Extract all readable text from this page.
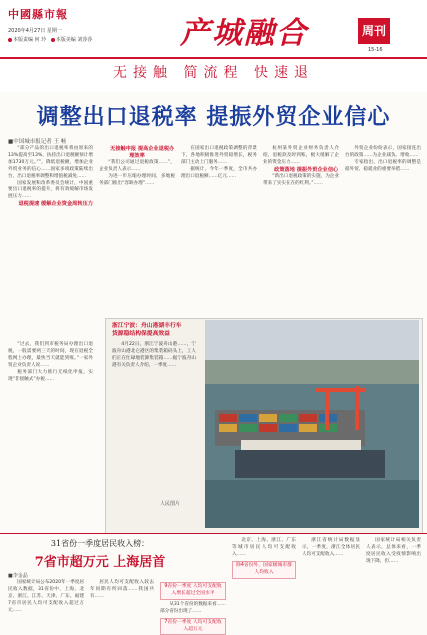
中國縣市報
2020年4月27日 星期一
本版责编 何 玲 本版美编 刘莎莎	产城融合	周刊
15-16
无接触 简流程 快速退
调整出口退税率 提振外贸企业信心
■中国城市报记者 王 畅

“部分产品的出口退税率将由原来的13%提高至13%，扶持出口退税额预计增加1730万元。””，降低退税额，增加企业外贸业务的信心……国家多项政策陆续出台，出口退税率调整和增值税减免……

国家发展和改革委员会统计，中国重要出口退税率的提升，将有效缓解市场发展压力……

退税提速 缓解企业资金周转压力

“过去，我们到市税务局办理出口退税，一般需要两三天的时间，现在退税全程网上办理，最快当天就能到账。”一家外贸企业负责人说……

税务部门大力推行无纸化申报，实现“非接触式”办税……

无接触申报 提高企业退税办理效率

“我们公司通过退税政策……”，企业负责人表示……

为进一步压缩办理时间，多地税务部门推出“容缺办理”……

在国家出口退税政策调整的背景下，各地积极推进外贸稳增长，税务部门主动上门服务……

据统计，今年一季度，全市共办理出口退税额……亿元……

杭州某外贸企业财务负责人介绍，退税款及时到账，极大缓解了企业的资金压力……

政策落地 提振外贸企业信心

“新出口退税政策的实施，为企业带来了实实在在的红利。”……

外贸企业纷纷表示，国家接连出台的政策……为企业减负、增收……

专家指出，出口退税率的调整是稳外贸、稳就业的重要举措……

浙江宁波：舟山港湖丰行车
货源稳结构保提高效益

4月22日，浙江宁波舟山港……，宁波舟山港北仑港区的集装箱码头上，工人们正在忙碌地装卸集装箱……据宁波舟山港有关负责人介绍，一季度……

人民图片
31省份一季度居民收入榜：
7省市超万元 上海居首
■李金晶

国家统计局公布2020年一季度居民收入数据，31省份中，上海、北京、浙江、江苏、天津、广东、福建7省市居民人均可支配收入超过万元……

居民人均可支配收入较去年同期有所回落……我国共有……

9省份一季度 人均可支配收入增长超过全国水平

从31个省份的数据来看……部分省份出现了……

7省份一季度 人均可支配收入超万元

北京、上海、浙江、广东等城市居民人均可支配收入……

除4省份外，国家级城市群人均收入

浙江省统计局数据显示，一季度，浙江全体居民人均可支配收入……

国家统计局相关负责人表示，总体来看，一季度居民收入受疫情影响出现下降，但……
